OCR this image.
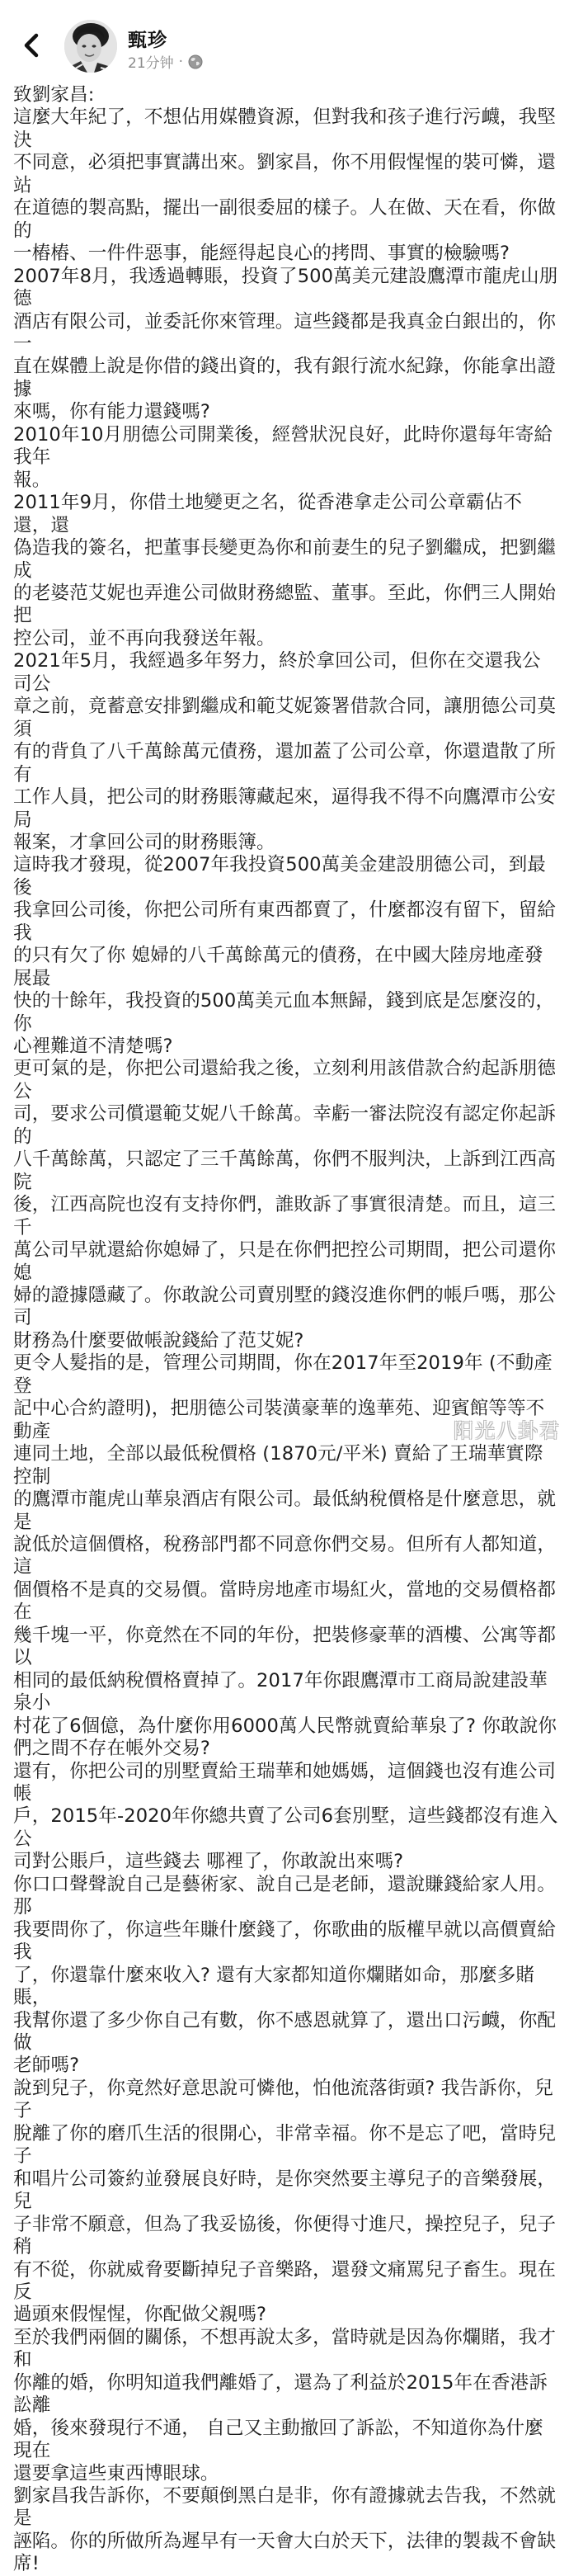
甄珍
21分钟 ·

致劉家昌:

這麼大年紀了，不想佔用媒體資源，但對我和孩子進行污衊，我堅決

不同意，必須把事實講出來。劉家昌，你不用假惺惺的裝可憐，還站

在道德的製高點，擺出一副很委屈的樣子。人在做、天在看，你做的

一樁樁、一件件惡事，能經得起良心的拷問、事實的檢驗嗎?

2007年8月，我透過轉賬，投資了500萬美元建設鷹潭市龍虎山朋德

酒店有限公司，並委託你來管理。這些錢都是我真金白銀出的，你一

直在媒體上說是你借的錢出資的，我有銀行流水紀錄，你能拿出證據

來嗎，你有能力還錢嗎?

2010年10月朋德公司開業後，經營狀況良好，此時你還每年寄給我年

報。

2011年9月，你借土地變更之名，從香港拿走公司公章霸佔不還，還

偽造我的簽名，把董事長變更為你和前妻生的兒子劉繼成，把劉繼成

的老婆范艾妮也弄進公司做財務總監、董事。至此，你們三人開始把

控公司，並不再向我發送年報。

2021年5月，我經過多年努力，終於拿回公司，但你在交還我公司公

章之前，竟蓄意安排劉繼成和範艾妮簽署借款合同，讓朋德公司莫須

有的背負了八千萬餘萬元債務，還加蓋了公司公章，你還遣散了所有

工作人員，把公司的財務賬簿藏起來，逼得我不得不向鷹潭市公安局

報案，才拿回公司的財務賬簿。

這時我才發現，從2007年我投資500萬美金建設朋德公司，到最後

我拿回公司後，你把公司所有東西都賣了，什麼都沒有留下，留給我

的只有欠了你 媳婦的八千萬餘萬元的債務，在中國大陸房地產發展最

快的十餘年，我投資的500萬美元血本無歸，錢到底是怎麼沒的，你

心裡難道不清楚嗎?

更可氣的是，你把公司還給我之後，立刻利用該借款合約起訴朋德公

司，要求公司償還範艾妮八千餘萬。幸虧一審法院沒有認定你起訴的

八千萬餘萬，只認定了三千萬餘萬，你們不服判決，上訴到江西高院

後，江西高院也沒有支持你們，誰敗訴了事實很清楚。而且，這三千

萬公司早就還給你媳婦了，只是在你們把控公司期間，把公司還你媳

婦的證據隱藏了。你敢說公司賣別墅的錢沒進你們的帳戶嗎，那公司

財務為什麼要做帳說錢給了范艾妮?

更令人髮指的是，管理公司期間，你在2017年至2019年 (不動產登

記中心合約證明)，把朋德公司裝潢豪華的逸華苑、迎賓館等等不動產

連同土地，全部以最低稅價格 (1870元/平米) 賣給了王瑞華實際控制

的鷹潭市龍虎山華泉酒店有限公司。最低納稅價格是什麼意思，就是

說低於這個價格，稅務部門都不同意你們交易。但所有人都知道，這

個價格不是真的交易價。當時房地產市場紅火，當地的交易價格都在

幾千塊一平，你竟然在不同的年份，把裝修豪華的酒樓、公寓等都以

相同的最低納稅價格賣掉了。2017年你跟鷹潭市工商局說建設華泉小

村花了6個億，為什麼你用6000萬人民幣就賣給華泉了? 你敢說你

們之間不存在帳外交易?

還有，你把公司的別墅賣給王瑞華和她媽媽，這個錢也沒有進公司帳

戶，2015年-2020年你總共賣了公司6套別墅，這些錢都沒有進入公

司對公賬戶，這些錢去 哪裡了，你敢說出來嗎?

你口口聲聲說自己是藝術家、說自己是老師，還說賺錢給家人用。那

我要問你了，你這些年賺什麼錢了，你歌曲的版權早就以高價賣給我

了，你還靠什麼來收入? 還有大家都知道你爛賭如命，那麼多賭賬，

我幫你還了多少你自己有數，你不感恩就算了，還出口污衊，你配做

老師嗎?

說到兒子，你竟然好意思說可憐他，怕他流落街頭? 我告訴你，兒子

脫離了你的磨爪生活的很開心，非常幸福。你不是忘了吧，當時兒子

和唱片公司簽約並發展良好時，是你突然要主導兒子的音樂發展，兒

子非常不願意，但為了我妥協後，你便得寸進尺，操控兒子，兒子稍

有不從，你就威脅要斷掉兒子音樂路，還發文痛罵兒子畜生。現在反

過頭來假惺惺，你配做父親嗎?

至於我們兩個的關係，不想再說太多，當時就是因為你爛賭，我才和

你離的婚，你明知道我們離婚了，還為了利益於2015年在香港訴訟離

婚，後來發現行不通， 自己又主動撤回了訴訟，不知道你為什麼現在

還要拿這些東西博眼球。

劉家昌我告訴你，不要顛倒黑白是非，你有證據就去告我，不然就是

誣陷。你的所做所為遲早有一天會大白於天下，法律的製裁不會缺

席!

阳光八卦君
